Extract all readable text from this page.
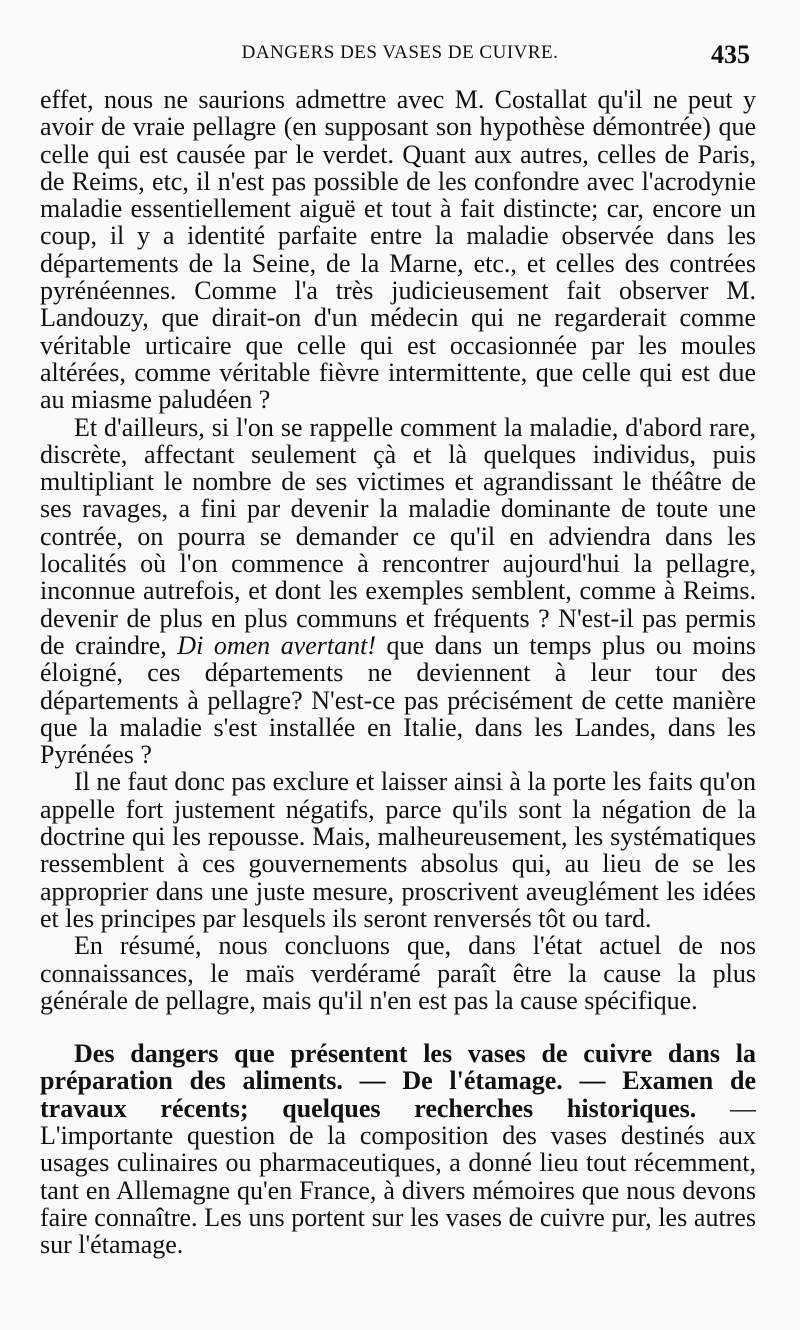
DANGERS DES VASES DE CUIVRE.	435

effet, nous ne saurions admettre avec M. Costallat qu'il ne peut y avoir de vraie pellagre (en supposant son hypothèse démontrée) que celle qui est causée par le verdet. Quant aux autres, celles de Paris, de Reims, etc, il n'est pas possible de les confondre avec l'acrodynie maladie essentiellement aiguë et tout à fait distincte; car, encore un coup, il y a identité parfaite entre la maladie observée dans les départements de la Seine, de la Marne, etc., et celles des contrées pyrénéennes. Comme l'a très judicieusement fait observer M. Landouzy, que dirait-on d'un médecin qui ne regarderait comme véritable urticaire que celle qui est occasionnée par les moules altérées, comme véritable fièvre intermittente, que celle qui est due au miasme paludéen ?

Et d'ailleurs, si l'on se rappelle comment la maladie, d'abord rare, discrète, affectant seulement çà et là quelques individus, puis multipliant le nombre de ses victimes et agrandissant le théâtre de ses ravages, a fini par devenir la maladie dominante de toute une contrée, on pourra se demander ce qu'il en adviendra dans les localités où l'on commence à rencontrer aujourd'hui la pellagre, inconnue autrefois, et dont les exemples semblent, comme à Reims. devenir de plus en plus communs et fréquents ? N'est-il pas permis de craindre, Di omen avertant! que dans un temps plus ou moins éloigné, ces départements ne deviennent à leur tour des départements à pellagre? N'est-ce pas précisément de cette manière que la maladie s'est installée en Italie, dans les Landes, dans les Pyrénées ?

Il ne faut donc pas exclure et laisser ainsi à la porte les faits qu'on appelle fort justement négatifs, parce qu'ils sont la négation de la doctrine qui les repousse. Mais, malheureusement, les systématiques ressemblent à ces gouvernements absolus qui, au lieu de se les approprier dans une juste mesure, proscrivent aveuglément les idées et les principes par lesquels ils seront renversés tôt ou tard.

En résumé, nous concluons que, dans l'état actuel de nos connaissances, le maïs verdéramé paraît être la cause la plus générale de pellagre, mais qu'il n'en est pas la cause spécifique.

Des dangers que présentent les vases de cuivre dans la préparation des aliments. — De l'étamage. — Examen de travaux récents; quelques recherches historiques. — L'importante question de la composition des vases destinés aux usages culinaires ou pharmaceutiques, a donné lieu tout récemment, tant en Allemagne qu'en France, à divers mémoires que nous devons faire connaître. Les uns portent sur les vases de cuivre pur, les autres sur l'étamage.
